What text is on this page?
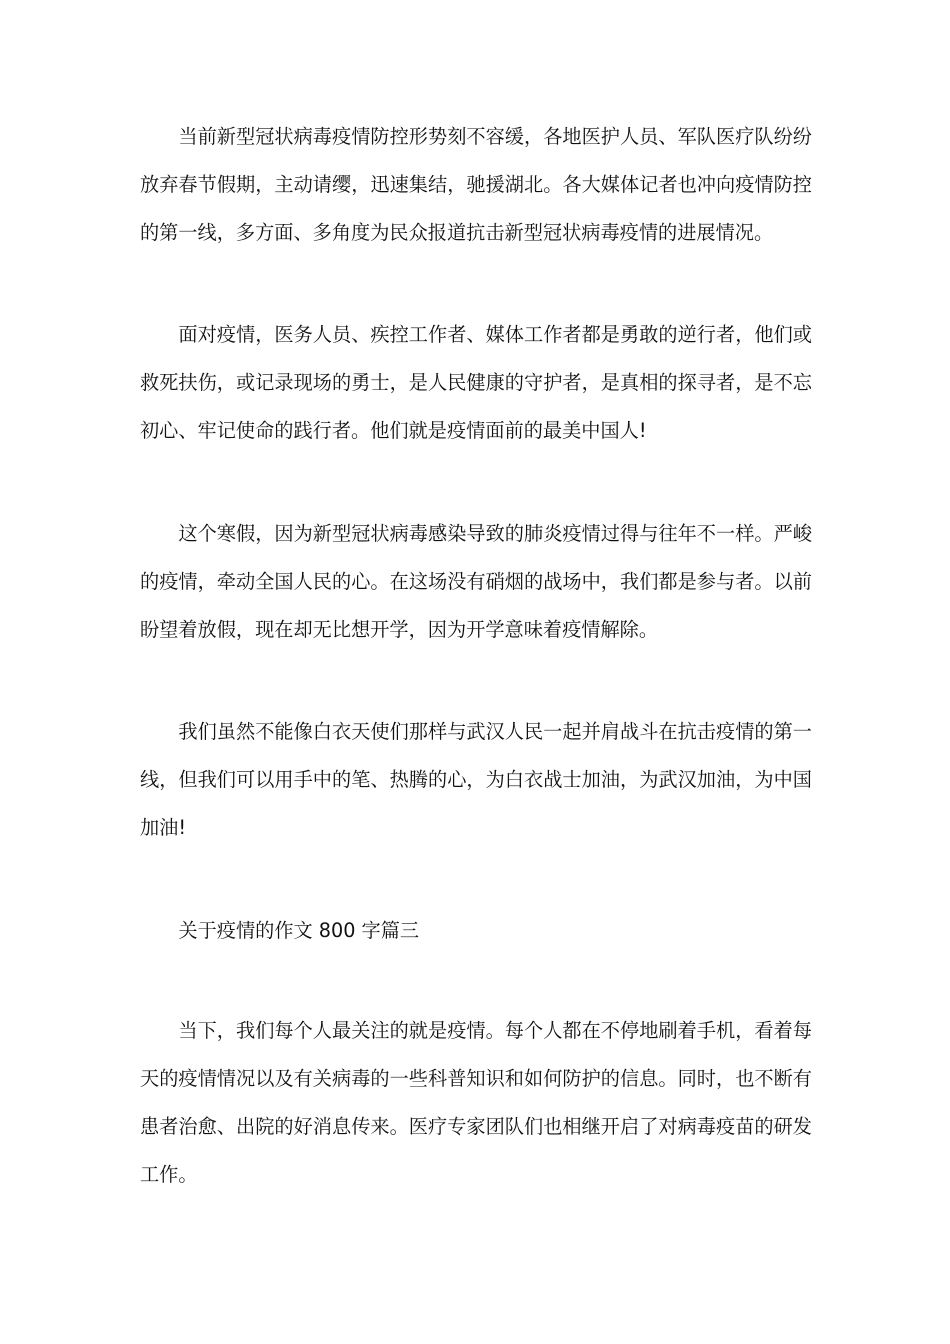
当前新型冠状病毒疫情防控形势刻不容缓，各地医护人员、军队医疗队纷纷放弃春节假期，主动请缨，迅速集结，驰援湖北。各大媒体记者也冲向疫情防控的第一线，多方面、多角度为民众报道抗击新型冠状病毒疫情的进展情况。

面对疫情，医务人员、疾控工作者、媒体工作者都是勇敢的逆行者，他们或救死扶伤，或记录现场的勇士，是人民健康的守护者，是真相的探寻者，是不忘初心、牢记使命的践行者。他们就是疫情面前的最美中国人!

这个寒假，因为新型冠状病毒感染导致的肺炎疫情过得与往年不一样。严峻的疫情，牵动全国人民的心。在这场没有硝烟的战场中，我们都是参与者。以前盼望着放假，现在却无比想开学，因为开学意味着疫情解除。

我们虽然不能像白衣天使们那样与武汉人民一起并肩战斗在抗击疫情的第一线，但我们可以用手中的笔、热腾的心，为白衣战士加油，为武汉加油，为中国加油!

关于疫情的作文 800 字篇三

当下，我们每个人最关注的就是疫情。每个人都在不停地刷着手机，看着每天的疫情情况以及有关病毒的一些科普知识和如何防护的信息。同时，也不断有患者治愈、出院的好消息传来。医疗专家团队们也相继开启了对病毒疫苗的研发工作。
